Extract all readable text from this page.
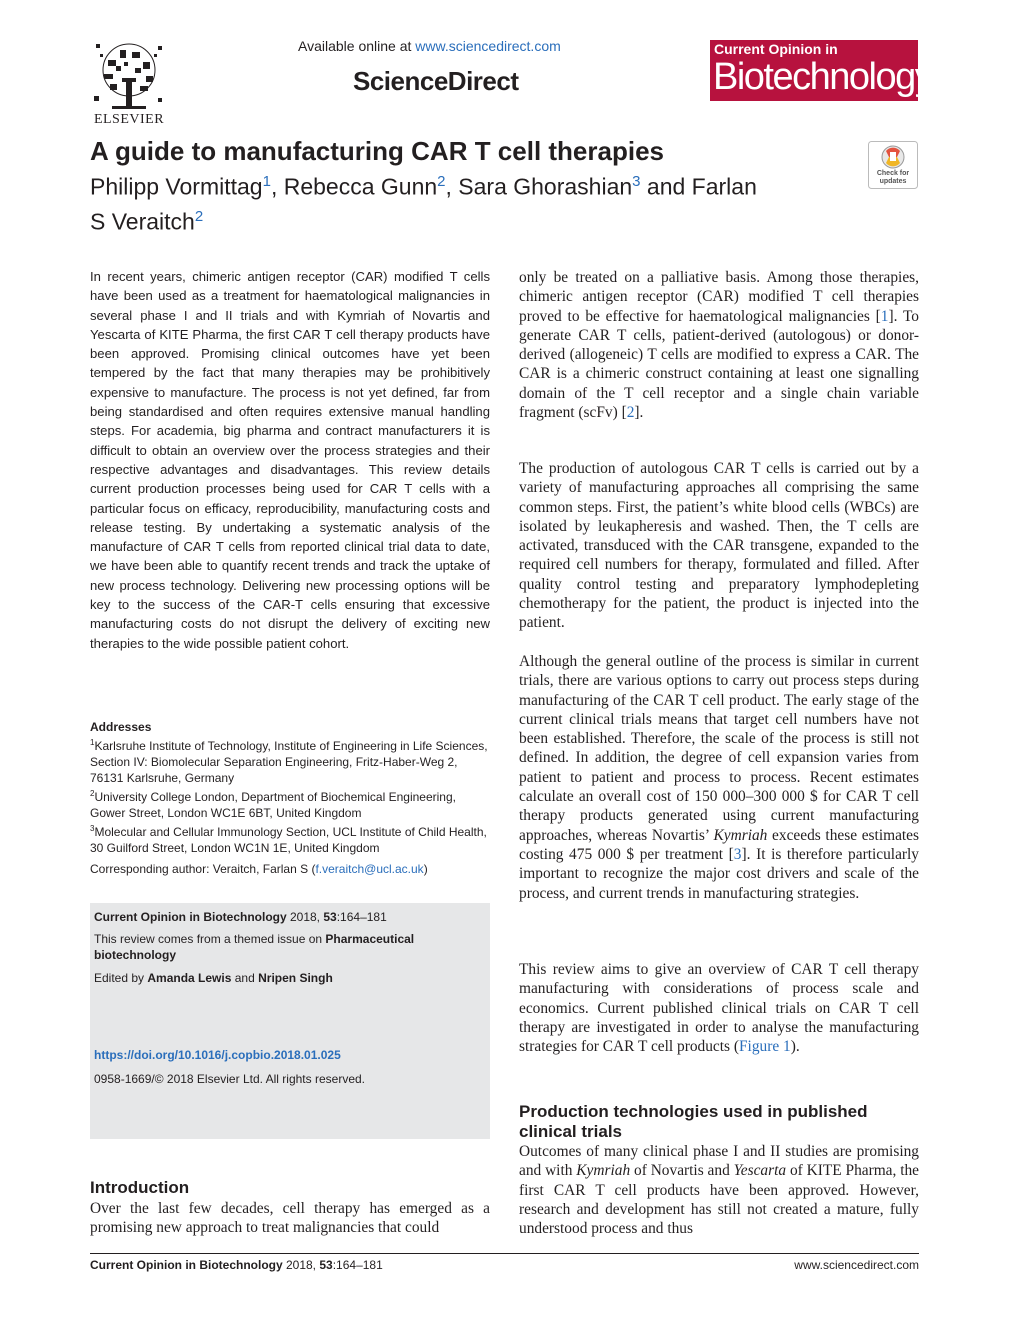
ELSEVIER
Available online at www.sciencedirect.com
ScienceDirect
Current Opinion in
Biotechnology
A guide to manufacturing CAR T cell therapies
Philipp Vormittag$^1$, Rebecca Gunn$^2$, Sara Ghorashian$^3$ and Farlan S Veraitch$^2$
Check for
updates
In recent years, chimeric antigen receptor (CAR) modified T cells have been used as a treatment for haematological malignancies in several phase I and II trials and with Kymriah of Novartis and Yescarta of KITE Pharma, the first CAR T cell therapy products have been approved. Promising clinical outcomes have yet been tempered by the fact that many therapies may be prohibitively expensive to manufacture. The process is not yet defined, far from being standardised and often requires extensive manual handling steps. For academia, big pharma and contract manufacturers it is difficult to obtain an overview over the process strategies and their respective advantages and disadvantages. This review details current production processes being used for CAR T cells with a particular focus on efficacy, reproducibility, manufacturing costs and release testing. By undertaking a systematic analysis of the manufacture of CAR T cells from reported clinical trial data to date, we have been able to quantify recent trends and track the uptake of new process technology. Delivering new processing options will be key to the success of the CAR-T cells ensuring that excessive manufacturing costs do not disrupt the delivery of exciting new therapies to the wide possible patient cohort.
Addresses
$^1$Karlsruhe Institute of Technology, Institute of Engineering in Life Sciences, Section IV: Biomolecular Separation Engineering, Fritz-Haber-Weg 2, 76131 Karlsruhe, Germany
$^2$University College London, Department of Biochemical Engineering, Gower Street, London WC1E 6BT, United Kingdom
$^3$Molecular and Cellular Immunology Section, UCL Institute of Child Health, 30 Guilford Street, London WC1N 1E, United Kingdom
Corresponding author: Veraitch, Farlan S (f.veraitch@ucl.ac.uk)

Current Opinion in Biotechnology 2018, 53:164–181

This review comes from a themed issue on Pharmaceutical biotechnology

Edited by Amanda Lewis and Nripen Singh

https://doi.org/10.1016/j.copbio.2018.01.025

0958-1669/© 2018 Elsevier Ltd. All rights reserved.

Introduction
Over the last few decades, cell therapy has emerged as a promising new approach to treat malignancies that could

only be treated on a palliative basis. Among those therapies, chimeric antigen receptor (CAR) modified T cell therapies proved to be effective for haematological malignancies [1]. To generate CAR T cells, patient-derived (autologous) or donor-derived (allogeneic) T cells are modified to express a CAR. The CAR is a chimeric construct containing at least one signalling domain of the T cell receptor and a single chain variable fragment (scFv) [2].

The production of autologous CAR T cells is carried out by a variety of manufacturing approaches all comprising the same common steps. First, the patient’s white blood cells (WBCs) are isolated by leukapheresis and washed. Then, the T cells are activated, transduced with the CAR transgene, expanded to the required cell numbers for therapy, formulated and filled. After quality control testing and preparatory lymphodepleting chemotherapy for the patient, the product is injected into the patient.

Although the general outline of the process is similar in current trials, there are various options to carry out process steps during manufacturing of the CAR T cell product. The early stage of the current clinical trials means that target cell numbers have not been established. Therefore, the scale of the process is still not defined. In addition, the degree of cell expansion varies from patient to patient and process to process. Recent estimates calculate an overall cost of 150 000–300 000 $ for CAR T cell therapy products generated using current manufacturing approaches, whereas Novartis’ Kymriah exceeds these estimates costing 475 000 $ per treatment [3]. It is therefore particularly important to recognize the major cost drivers and scale of the process, and current trends in manufacturing strategies.

This review aims to give an overview of CAR T cell therapy manufacturing with considerations of process scale and economics. Current published clinical trials on CAR T cell therapy are investigated in order to analyse the manufacturing strategies for CAR T cell products (Figure 1).

Production technologies used in published clinical trials

Outcomes of many clinical phase I and II studies are promising and with Kymriah of Novartis and Yescarta of KITE Pharma, the first CAR T cell products have been approved. However, research and development has still not created a mature, fully understood process and thus

Current Opinion in Biotechnology 2018, 53:164–181	www.sciencedirect.com
